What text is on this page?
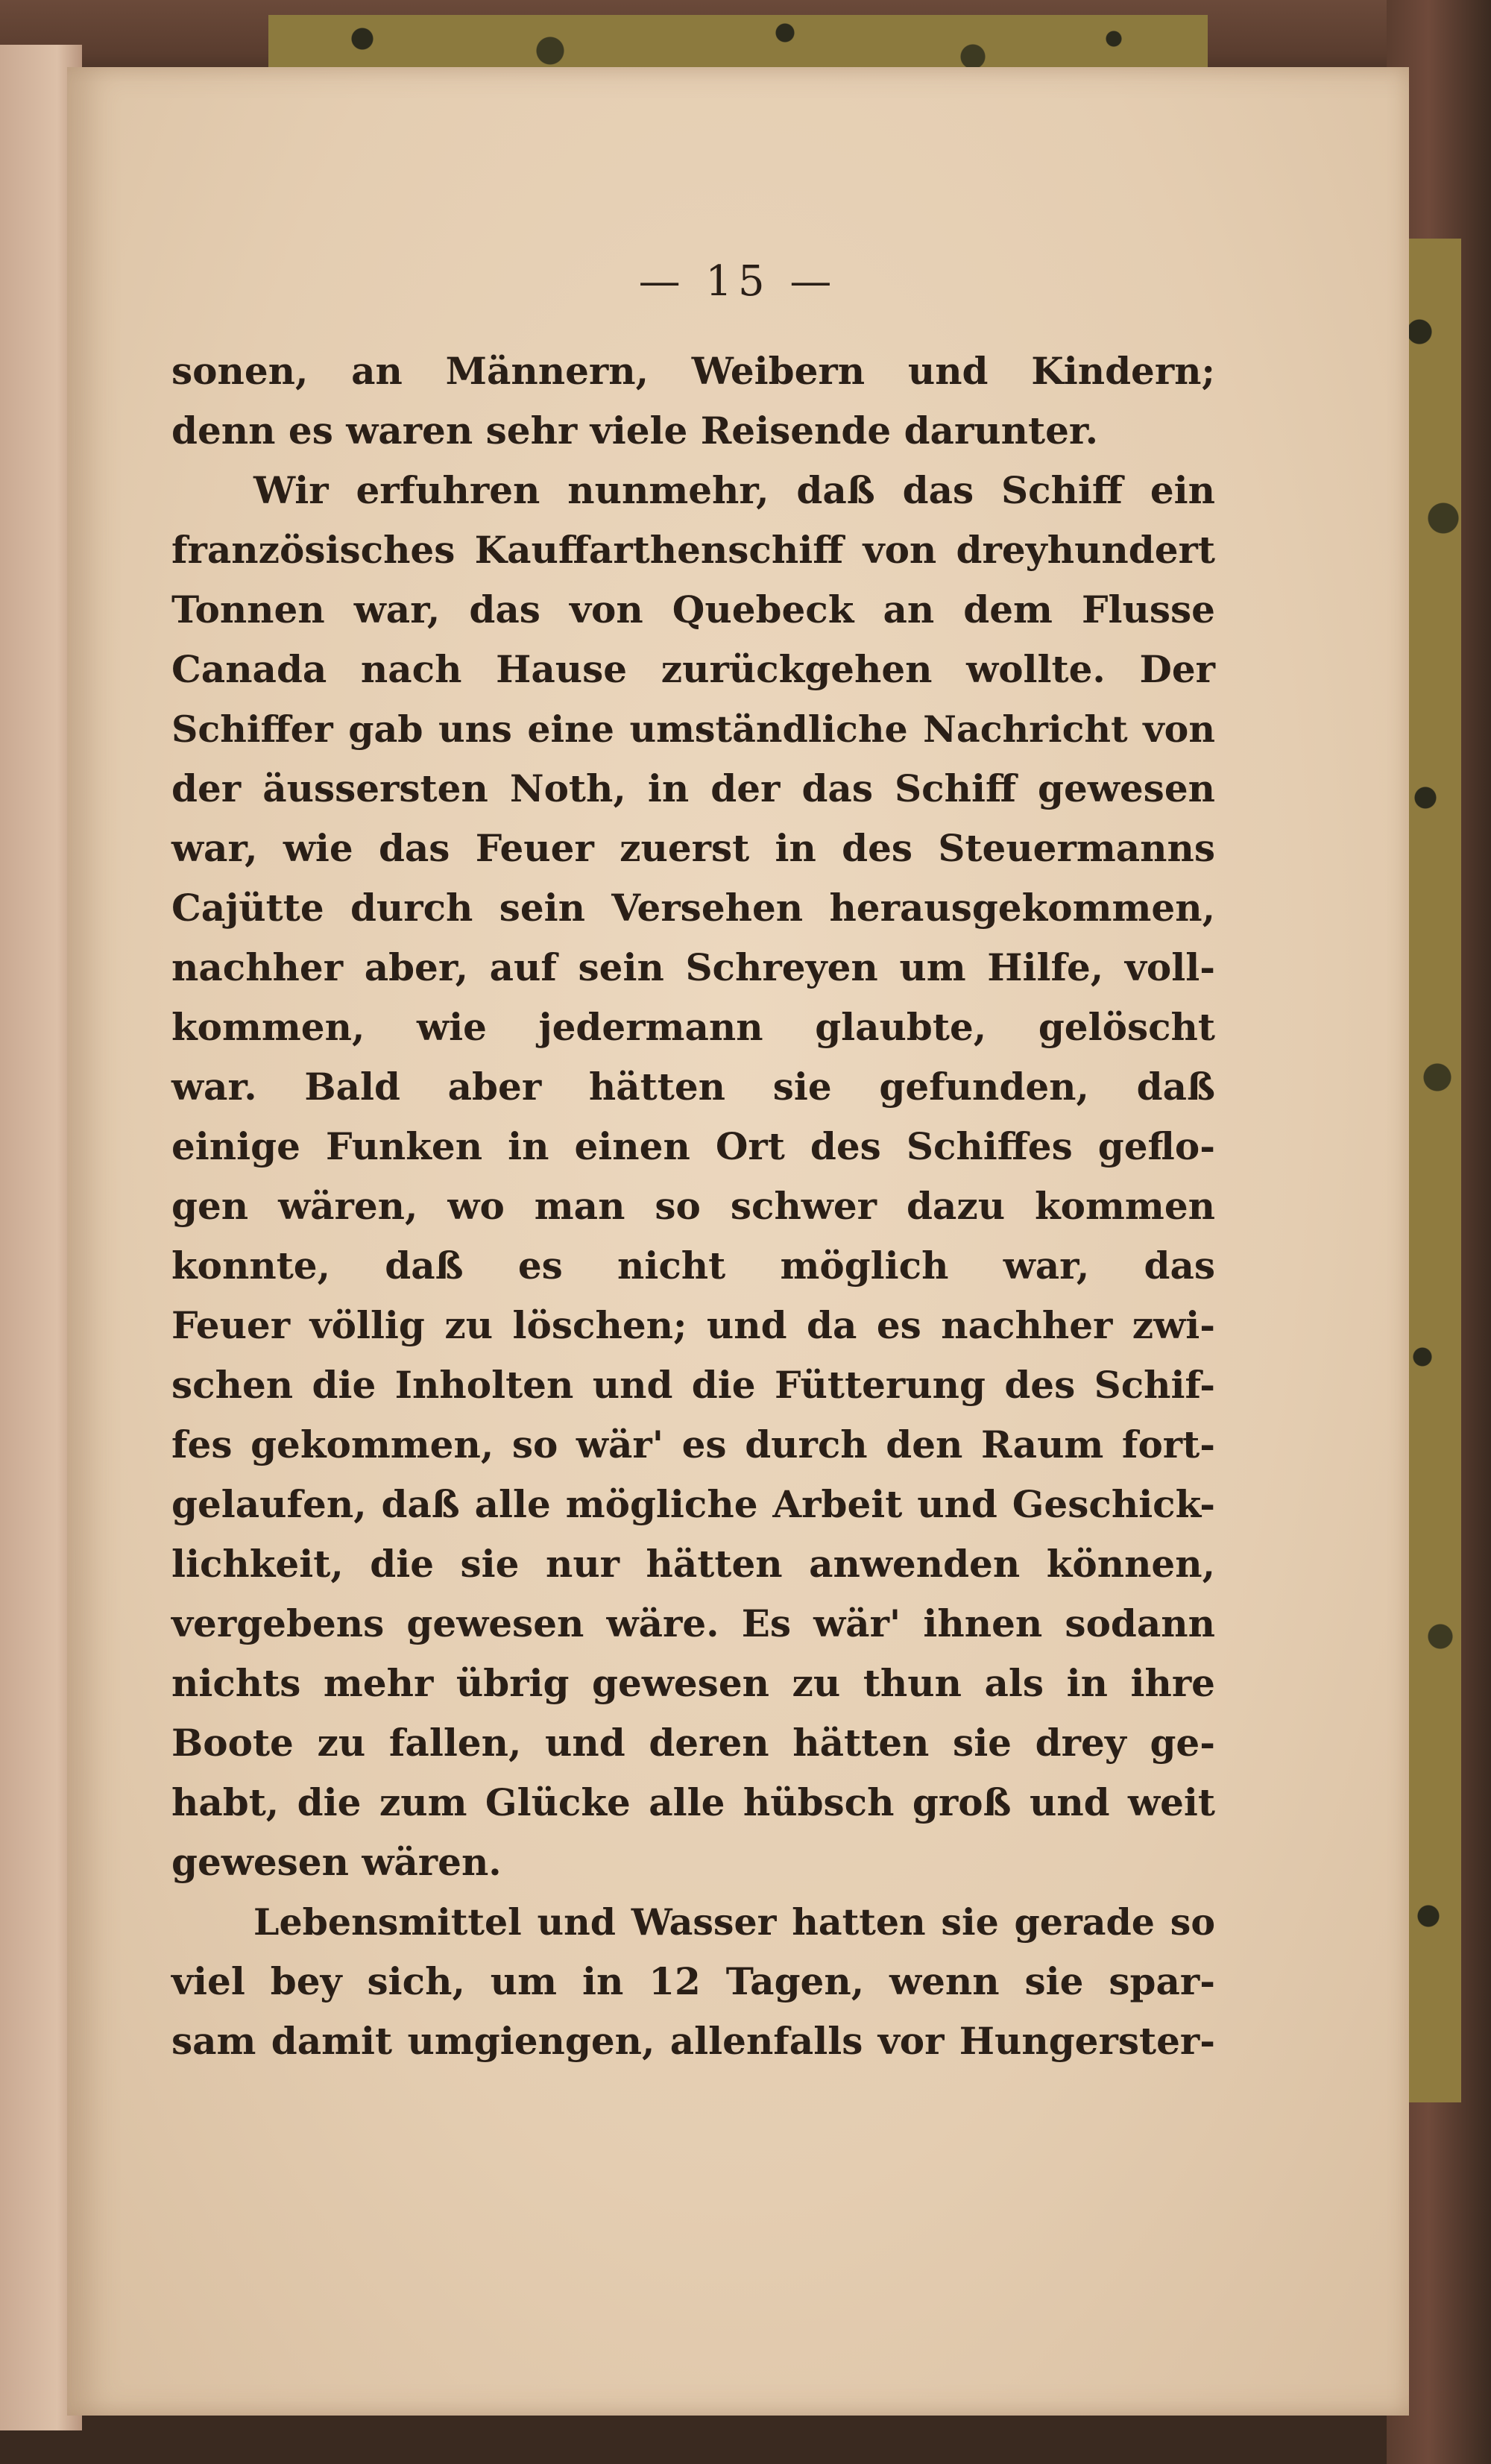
— 15 —
sonen, an Männern, Weibern und Kindern;
denn es waren sehr viele Reisende darunter.
Wir erfuhren nunmehr, daß das Schiff ein
französisches Kauffarthenschiff von dreyhundert
Tonnen war, das von Quebeck an dem Flusse
Canada nach Hause zurückgehen wollte. Der
Schiffer gab uns eine umständliche Nachricht von
der äussersten Noth, in der das Schiff gewesen
war, wie das Feuer zuerst in des Steuermanns
Cajütte durch sein Versehen herausgekommen,
nachher aber, auf sein Schreyen um Hilfe, voll-
kommen, wie jedermann glaubte, gelöscht
war. Bald aber hätten sie gefunden, daß
einige Funken in einen Ort des Schiffes geflo-
gen wären, wo man so schwer dazu kommen
konnte, daß es nicht möglich war, das
Feuer völlig zu löschen; und da es nachher zwi-
schen die Inholten und die Fütterung des Schif-
fes gekommen, so wär' es durch den Raum fort-
gelaufen, daß alle mögliche Arbeit und Geschick-
lichkeit, die sie nur hätten anwenden können,
vergebens gewesen wäre. Es wär' ihnen sodann
nichts mehr übrig gewesen zu thun als in ihre
Boote zu fallen, und deren hätten sie drey ge-
habt, die zum Glücke alle hübsch groß und weit
gewesen wären.
Lebensmittel und Wasser hatten sie gerade so
viel bey sich, um in 12 Tagen, wenn sie spar-
sam damit umgiengen, allenfalls vor Hungerster-
